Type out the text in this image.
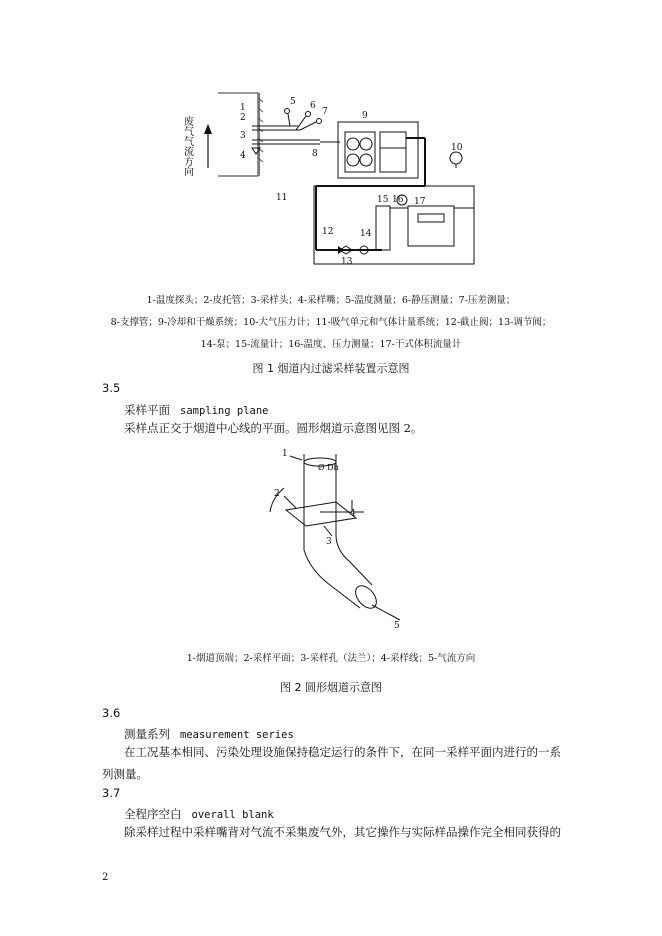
废气气流方向
1
2
3
4
5 6
7
8
9
10
11
12
13
14
15 16 17
1-温度探头；2-皮托管；3-采样头；4-采样嘴；5-温度测量；6-静压测量；7-压差测量；
8-支撑管；9-冷却和干燥系统；10-大气压力计；11-吸气单元和气体计量系统；12-截止阀；13-调节阀；
14-泵；15-流量计；16-温度、压力测量；17-干式体积流量计
图 1 烟道内过滤采样装置示意图
3.5
采样平面 sampling plane
采样点正交于烟道中心线的平面。圆形烟道示意图见图 2。
Ø Dh
1
2
3
4
5
1-烟道顶端；2-采样平面；3-采样孔（法兰）；4-采样线；5-气流方向
图 2 圆形烟道示意图
3.6
测量系列 measurement series
在工况基本相同、污染处理设施保持稳定运行的条件下，在同一采样平面内进行的一系
列测量。
3.7
全程序空白 overall blank
除采样过程中采样嘴背对气流不采集废气外，其它操作与实际样品操作完全相同获得的
2
